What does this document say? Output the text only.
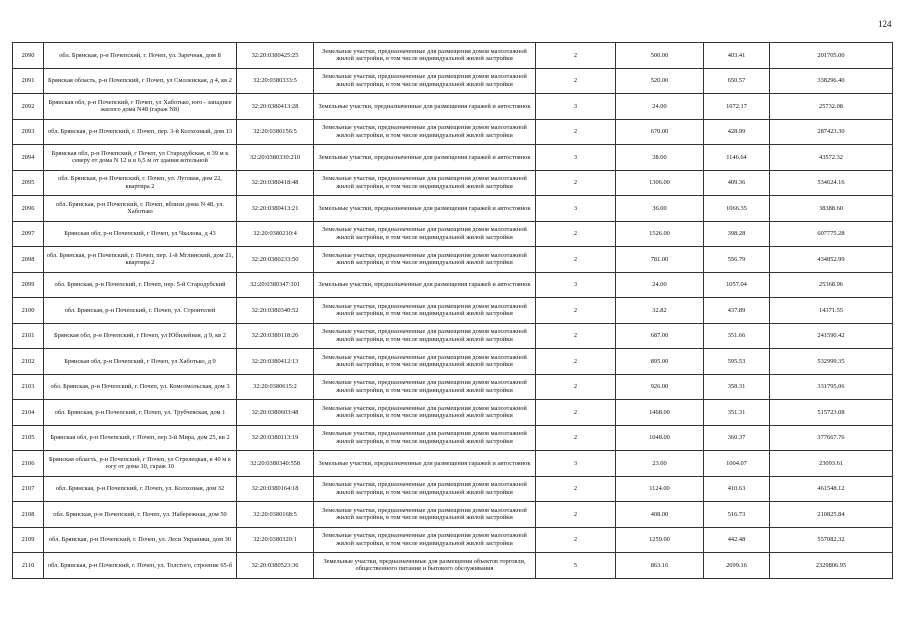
124
2090	обл. Брянская, р-н Почепский, г. Почеп, ул. Заречная, дом 8	32:20:0380425:25	Земельные участки, предназначенные для размещения домов малоэтажной жилой застройки, в том числе индивидуальной жилой застройки	2	500.00	403.41	201705.00
2091	Брянская область, р-н Почепский, г Почеп, ул Смоленская, д 4, кв 2	32:20:0380333:5	Земельные участки, предназначенные для размещения домов малоэтажной жилой застройки, в том числе индивидуальной жилой застройки	2	520.00	650.57	338296.40
2092	Брянская обл, р-н Почепский, г Почеп, ул Хаботько, юго - западнее жилого дома N48 (гараж N8)	32:20:0380413:28	Земельные участки, предназначенные для размещения гаражей и автостоянок	3	24.00	1072.17	25732.08
2093	обл. Брянская, р-н Почепский, г. Почеп, пер. 3-й Колхозный, дом 13	32:20:0380156:5	Земельные участки, предназначенные для размещения домов малоэтажной жилой застройки, в том числе индивидуальной жилой застройки	2	670.00	428.99	287423.30
2094	Брянская обл, р-н Почепский, г Почеп, ул Стародубская, в 39 м к северу от дома N 12 и в 6,5 м от здания котельной	32:20:0380330:210	Земельные участки, предназначенные для размещения гаражей и автостоянок	3	38.00	1146.64	43572.32
2095	обл. Брянская, р-н Почепский, г. Почеп, ул. Луговая, дом 22, квартира 2	32:20:0380418:48	Земельные участки, предназначенные для размещения домов малоэтажной жилой застройки, в том числе индивидуальной жилой застройки	2	1306.00	409.36	534624.16
2096	обл. Брянская, р-н Почепский, г. Почеп, вблизи дома N 48, ул. Хаботько	32:20:0380413:21	Земельные участки, предназначенные для размещения гаражей и автостоянок	3	36.00	1066.35	38388.60
2097	Брянская обл, р-н Почепский, г Почеп, ул Чкалова, д 43	32:20:0380210:4	Земельные участки, предназначенные для размещения домов малоэтажной жилой застройки, в том числе индивидуальной жилой застройки	2	1526.00	398.28	607775.28
2098	обл. Брянская, р-н Почепский, г. Почеп, пер. 1-й Мглинский, дом 21, квартира 2	32:20:0380233:50	Земельные участки, предназначенные для размещения домов малоэтажной жилой застройки, в том числе индивидуальной жилой застройки	2	781.00	556.79	434852.99
2099	обл. Брянская, р-н Почепский, г. Почеп, пер. 5-й Стародубский	32:20:0380347:101	Земельные участки, предназначенные для размещения гаражей и автостоянок	3	24.00	1057.04	25368.96
2100	обл. Брянская, р-н Почепский, г. Почеп, ул. Строителей	32:20:0380340:52	Земельные участки, предназначенные для размещения домов малоэтажной жилой застройки, в том числе индивидуальной жилой застройки	2	32.82	437.89	14371.55
2101	Брянская обл, р-н Почепский, г Почеп, ул Юбилейная, д 9, кв 2	32:20:0380118:26	Земельные участки, предназначенные для размещения домов малоэтажной жилой застройки, в том числе индивидуальной жилой застройки	2	687.00	351.66	241590.42
2102	Брянская обл, р-н Почепский, г Почеп, ул Хаботько, д 9	32:20:0380412:13	Земельные участки, предназначенные для размещения домов малоэтажной жилой застройки, в том числе индивидуальной жилой застройки	2	895.00	595.53	532999.35
2103	обл. Брянская, р-н Почепский, г. Почеп, ул. Комсомольская, дом 3	32:20:0380615:2	Земельные участки, предназначенные для размещения домов малоэтажной жилой застройки, в том числе индивидуальной жилой застройки	2	926.00	358.31	331795.06
2104	обл. Брянская, р-н Почепский, г. Почеп, ул. Трубчевская, дом 1	32:20:0380603:48	Земельные участки, предназначенные для размещения домов малоэтажной жилой застройки, в том числе индивидуальной жилой застройки	2	1468.00	351.31	515723.08
2105	Брянская обл, р-н Почепский, г Почеп, пер 3-й Мира, дом 25, кв 2	32:20:0380113:19	Земельные участки, предназначенные для размещения домов малоэтажной жилой застройки, в том числе индивидуальной жилой застройки	2	1048.00	360.37	377667.76
2106	Брянская область, р-н Почепский, г Почеп, ул Стрелецкая, в 40 м к югу от дома 10, гараж 10	32:20:0380340:558	Земельные участки, предназначенные для размещения гаражей и автостоянок	3	23.00	1004.07	23093.61
2107	обл. Брянская, р-н Почепский, г. Почеп, ул. Колхозная, дом 32	32:20:0380164:18	Земельные участки, предназначенные для размещения домов малоэтажной жилой застройки, в том числе индивидуальной жилой застройки	2	1124.00	410.63	461548.12
2108	обл. Брянская, р-н Почепский, г. Почеп, ул. Набережная, дом 50	32:20:0380168:5	Земельные участки, предназначенные для размещения домов малоэтажной жилой застройки, в том числе индивидуальной жилой застройки	2	408.00	516.73	210825.84
2109	обл. Брянская, р-н Почепский, г. Почеп, ул. Леси Украинки, дом 30	32:20:0380320:1	Земельные участки, предназначенные для размещения домов малоэтажной жилой застройки, в том числе индивидуальной жилой застройки	2	1259.00	442.48	557082.32
2110	обл. Брянская, р-н Почепский, г. Почеп, ул. Толстого, строение 65-б	32:20:0380523:36	Земельные участки, предназначенные для размещения объектов торговли, общественного питания и бытового обслуживания	5	863.16	2699.16	2329806.95
